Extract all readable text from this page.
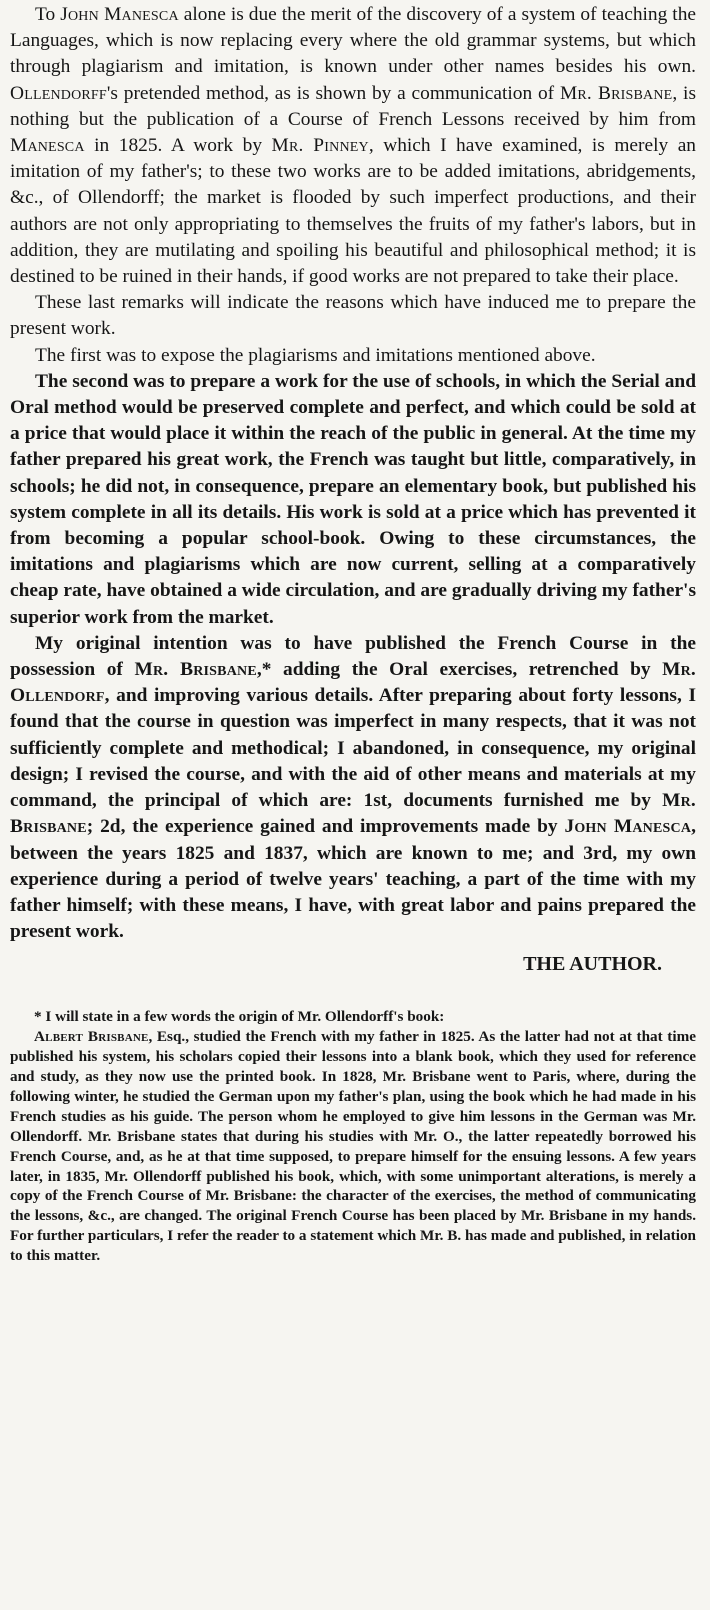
To John Manesca alone is due the merit of the discovery of a system of teaching the Languages, which is now replacing every where the old grammar systems, but which through plagiarism and imitation, is known under other names besides his own. Ollendorff's pretended method, as is shown by a communication of Mr. Brisbane, is nothing but the publication of a Course of French Lessons received by him from Manesca in 1825. A work by Mr. Pinney, which I have examined, is merely an imitation of my father's; to these two works are to be added imitations, abridgements, &c., of Ollendorff; the market is flooded by such imperfect productions, and their authors are not only appropriating to themselves the fruits of my father's labors, but in addition, they are mutilating and spoiling his beautiful and philosophical method; it is destined to be ruined in their hands, if good works are not prepared to take their place.

These last remarks will indicate the reasons which have induced me to prepare the present work.

The first was to expose the plagiarisms and imitations mentioned above.

The second was to prepare a work for the use of schools, in which the Serial and Oral method would be preserved complete and perfect, and which could be sold at a price that would place it within the reach of the public in general. At the time my father prepared his great work, the French was taught but little, comparatively, in schools; he did not, in consequence, prepare an elementary book, but published his system complete in all its details. His work is sold at a price which has prevented it from becoming a popular school-book. Owing to these circumstances, the imitations and plagiarisms which are now current, selling at a comparatively cheap rate, have obtained a wide circulation, and are gradually driving my father's superior work from the market.

My original intention was to have published the French Course in the possession of Mr. Brisbane,* adding the Oral exercises, retrenched by Mr. Ollendorf, and improving various details. After preparing about forty lessons, I found that the course in question was imperfect in many respects, that it was not sufficiently complete and methodical; I abandoned, in consequence, my original design; I revised the course, and with the aid of other means and materials at my command, the principal of which are: 1st, documents furnished me by Mr. Brisbane; 2d, the experience gained and improvements made by John Manesca, between the years 1825 and 1837, which are known to me; and 3rd, my own experience during a period of twelve years' teaching, a part of the time with my father himself; with these means, I have, with great labor and pains prepared the present work.

THE AUTHOR.

* I will state in a few words the origin of Mr. Ollendorff's book:

Albert Brisbane, Esq., studied the French with my father in 1825. As the latter had not at that time published his system, his scholars copied their lessons into a blank book, which they used for reference and study, as they now use the printed book. In 1828, Mr. Brisbane went to Paris, where, during the following winter, he studied the German upon my father's plan, using the book which he had made in his French studies as his guide. The person whom he employed to give him lessons in the German was Mr. Ollendorff. Mr. Brisbane states that during his studies with Mr. O., the latter repeatedly borrowed his French Course, and, as he at that time supposed, to prepare himself for the ensuing lessons. A few years later, in 1835, Mr. Ollendorff published his book, which, with some unimportant alterations, is merely a copy of the French Course of Mr. Brisbane: the character of the exercises, the method of communicating the lessons, &c., are changed. The original French Course has been placed by Mr. Brisbane in my hands. For further particulars, I refer the reader to a statement which Mr. B. has made and published, in relation to this matter.
